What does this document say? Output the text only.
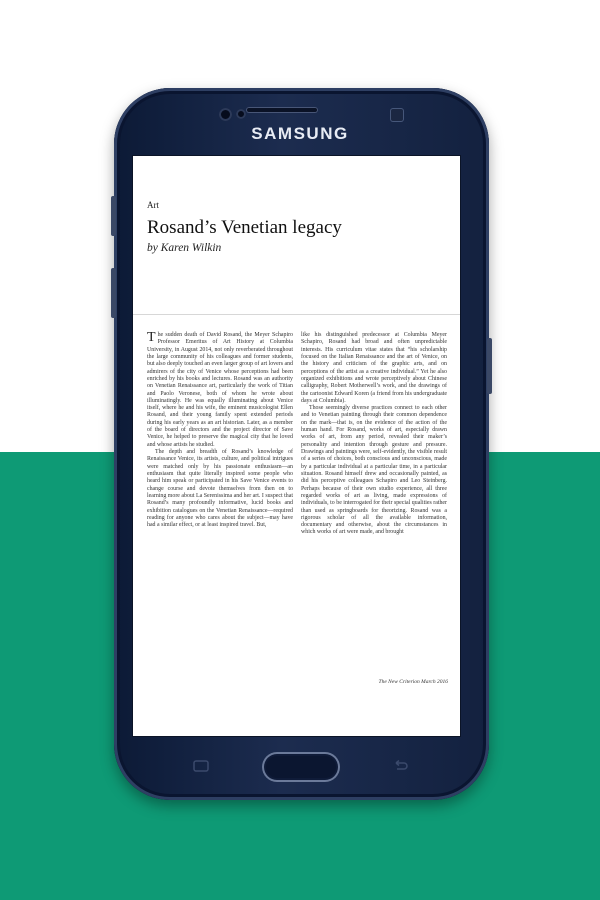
SAMSUNG
Art
Rosand’s Venetian legacy
by Karen Wilkin

The sudden death of David Rosand, the Meyer Schapiro Professor Emeritus of Art History at Columbia University, in August 2014, not only reverberated throughout the large community of his colleagues and former students, but also deeply touched an even larger group of art lovers and admirers of the city of Venice whose perceptions had been enriched by his books and lectures. Rosand was an authority on Venetian Renaissance art, particularly the work of Titian and Paolo Veronese, both of whom he wrote about illuminatingly. He was equally illuminating about Venice itself, where he and his wife, the eminent musicologist Ellen Rosand, and their young family spent extended periods during his early years as an art historian. Later, as a member of the board of directors and the project director of Save Venice, he helped to preserve the magical city that he loved and whose artists he studied.

The depth and breadth of Rosand’s knowledge of Renaissance Venice, its artists, culture, and political intrigues were matched only by his passionate enthusiasm—an enthusiasm that quite literally inspired some people who heard him speak or participated in his Save Venice events to change course and devote themselves from then on to learning more about La Serenissima and her art. I suspect that Rosand’s many profoundly informative, lucid books and exhibition catalogues on the Venetian Renaissance—required reading for anyone who cares about the subject—may have had a similar effect, or at least inspired travel. But,

like his distinguished predecessor at Columbia Meyer Schapiro, Rosand had broad and often unpredictable interests. His curriculum vitae states that “his scholarship focused on the Italian Renaissance and the art of Venice, on the history and criticism of the graphic arts, and on perceptions of the artist as a creative individual.” Yet he also organized exhibitions and wrote perceptively about Chinese calligraphy, Robert Motherwell’s work, and the drawings of the cartoonist Edward Koren (a friend from his undergraduate days at Columbia).

Those seemingly diverse practices connect to each other and to Venetian painting through their common dependence on the mark—that is, on the evidence of the action of the human hand. For Rosand, works of art, especially drawn works of art, from any period, revealed their maker’s personality and intention through gesture and pressure. Drawings and paintings were, self-evidently, the visible result of a series of choices, both conscious and unconscious, made by a particular individual at a particular time, in a particular situation. Rosand himself drew and occasionally painted, as did his perceptive colleagues Schapiro and Leo Steinberg. Perhaps because of their own studio experience, all three regarded works of art as living, made expressions of individuals, to be interrogated for their special qualities rather than used as springboards for theorizing. Rosand was a rigorous scholar of all the available information, documentary and otherwise, about the circumstances in which works of art were made, and brought

The New Criterion March 2016
